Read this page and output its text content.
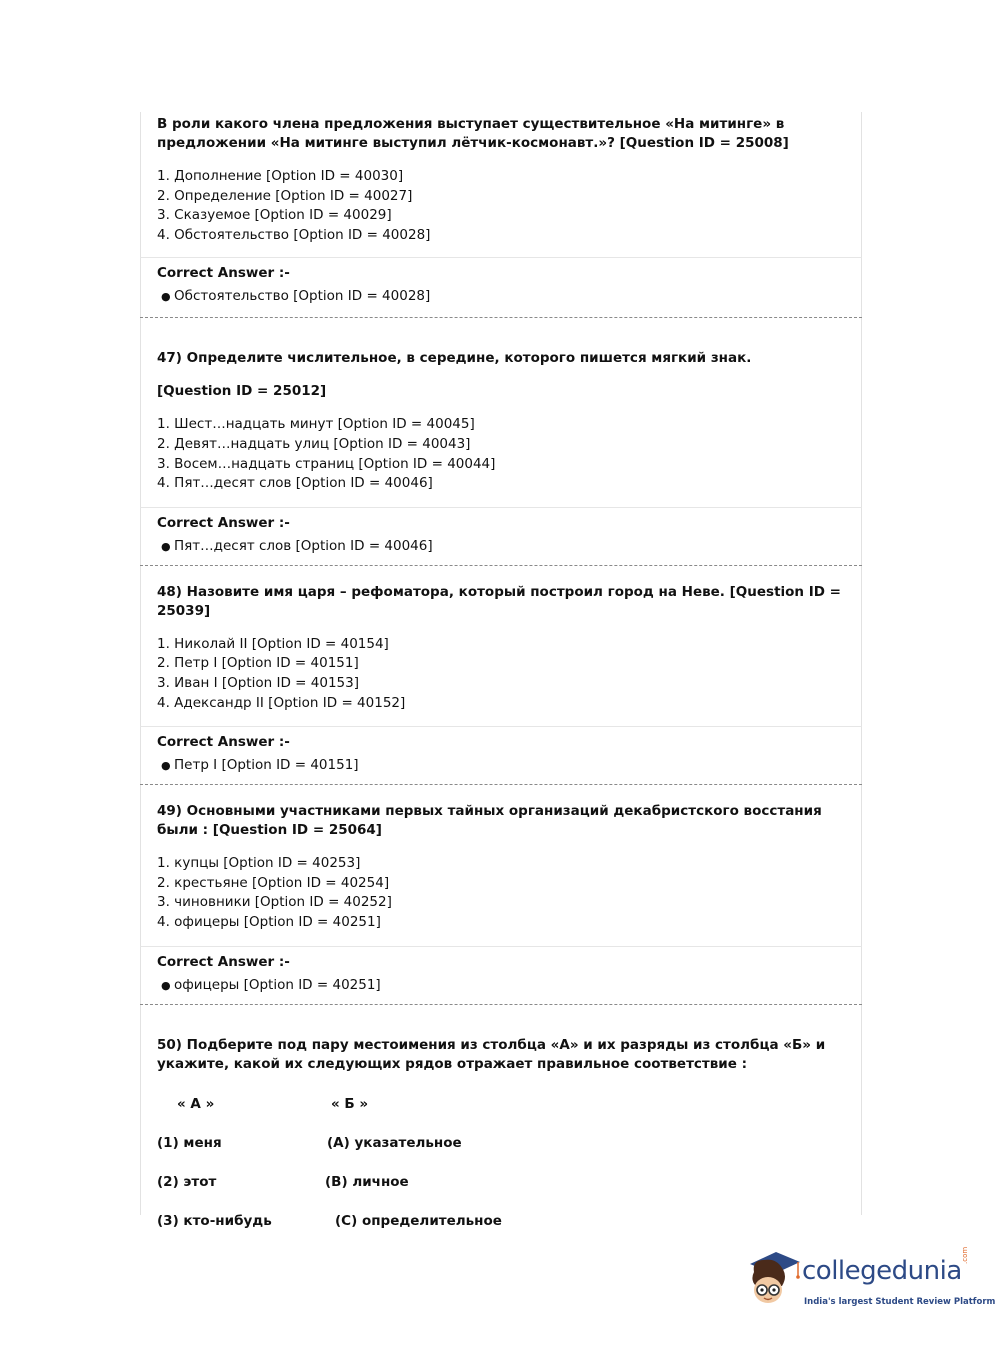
В роли какого члена предложения выступает существительное «На митинге» в предложении «На митинге выступил лётчик-космонавт.»? [Question ID = 25008]

1. Дополнение [Option ID = 40030]
2. Определение [Option ID = 40027]
3. Сказуемое [Option ID = 40029]
4. Обстоятельство [Option ID = 40028]
Correct Answer :-
● Обстоятельство [Option ID = 40028]

47) Определите числительное, в середине, которого пишется мягкий знак.

[Question ID = 25012]
1. Шест…надцать минут [Option ID = 40045]
2. Девят…надцать улиц [Option ID = 40043]
3. Восем…надцать страниц [Option ID = 40044]
4. Пят…десят слов [Option ID = 40046]
Correct Answer :-
● Пят…десят слов [Option ID = 40046]

48) Назовите имя царя – рефоматора, который построил город на Неве. [Question ID = 25039]

1. Николай II [Option ID = 40154]
2. Петр I [Option ID = 40151]
3. Иван I [Option ID = 40153]
4. Адександр II [Option ID = 40152]
Correct Answer :-
● Петр I [Option ID = 40151]

49) Основными участниками первых тайных организаций декабристского восстания были : [Question ID = 25064]

1. купцы [Option ID = 40253]
2. крестьяне [Option ID = 40254]
3. чиновники [Option ID = 40252]
4. офицеры [Option ID = 40251]
Correct Answer :-
● офицеры [Option ID = 40251]

50) Подберите под пару местоимения из столбца «А» и их разряды из столбца «Б» и укажите, какой их следующих рядов отражает правильное соответствие :

« А »	« Б »
(1) меня	(A) указательное
(2) этот	(B) личное
(3) кто-нибудь	(C) определительное
collegedunia
.com
India's largest Student Review Platform
